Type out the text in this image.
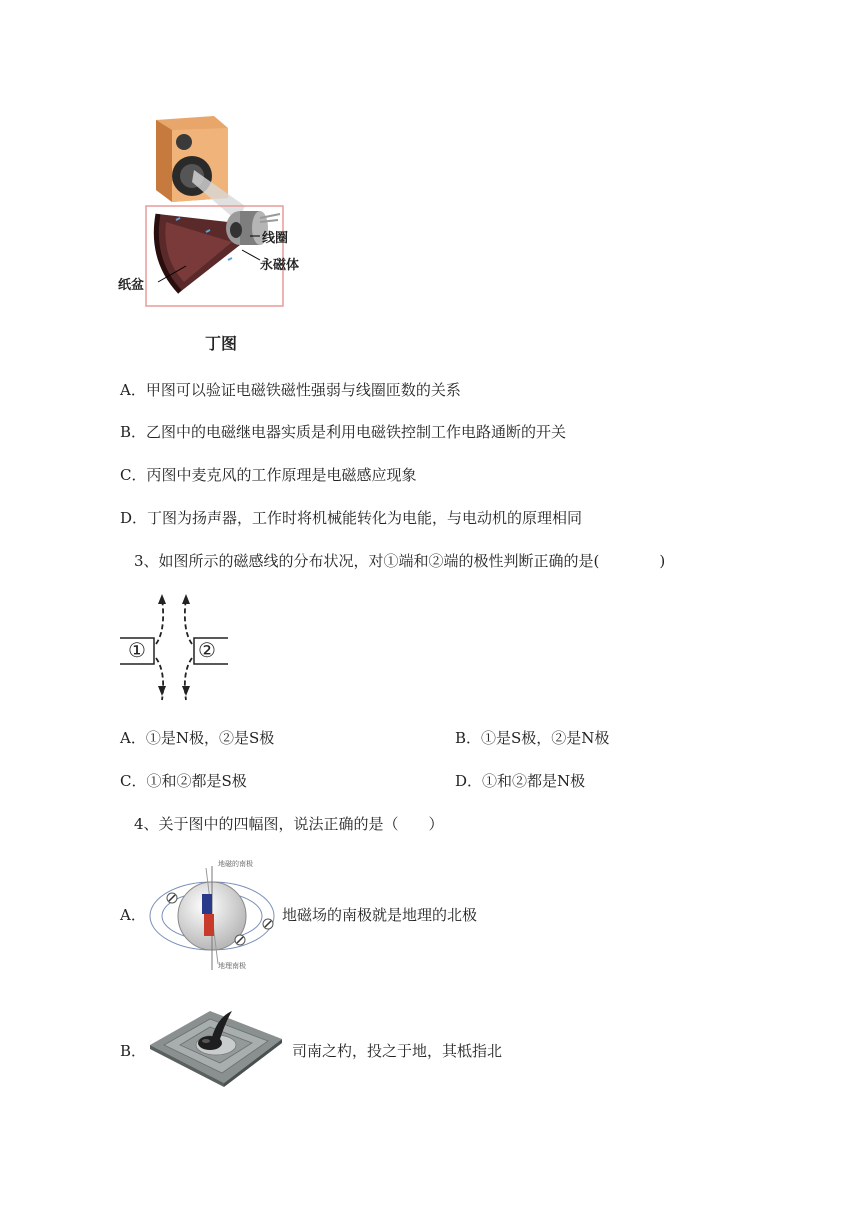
线圈
永磁体
纸盆
丁图
A．甲图可以验证电磁铁磁性强弱与线圈匝数的关系
B．乙图中的电磁继电器实质是利用电磁铁控制工作电路通断的开关
C．丙图中麦克风的工作原理是电磁感应现象
D．丁图为扬声器，工作时将机械能转化为电能，与电动机的原理相同
3、如图所示的磁感线的分布状况，对①端和②端的极性判断正确的是(　　　　)
①	②
A．①是N极，②是S极	B．①是S极，②是N极
C．①和②都是S极	D．①和②都是N极
4、关于图中的四幅图，说法正确的是（　　）
A．
地磁的南极
地理南极
地磁场的南极就是地理的北极
B．	司南之杓，投之于地，其柢指北
